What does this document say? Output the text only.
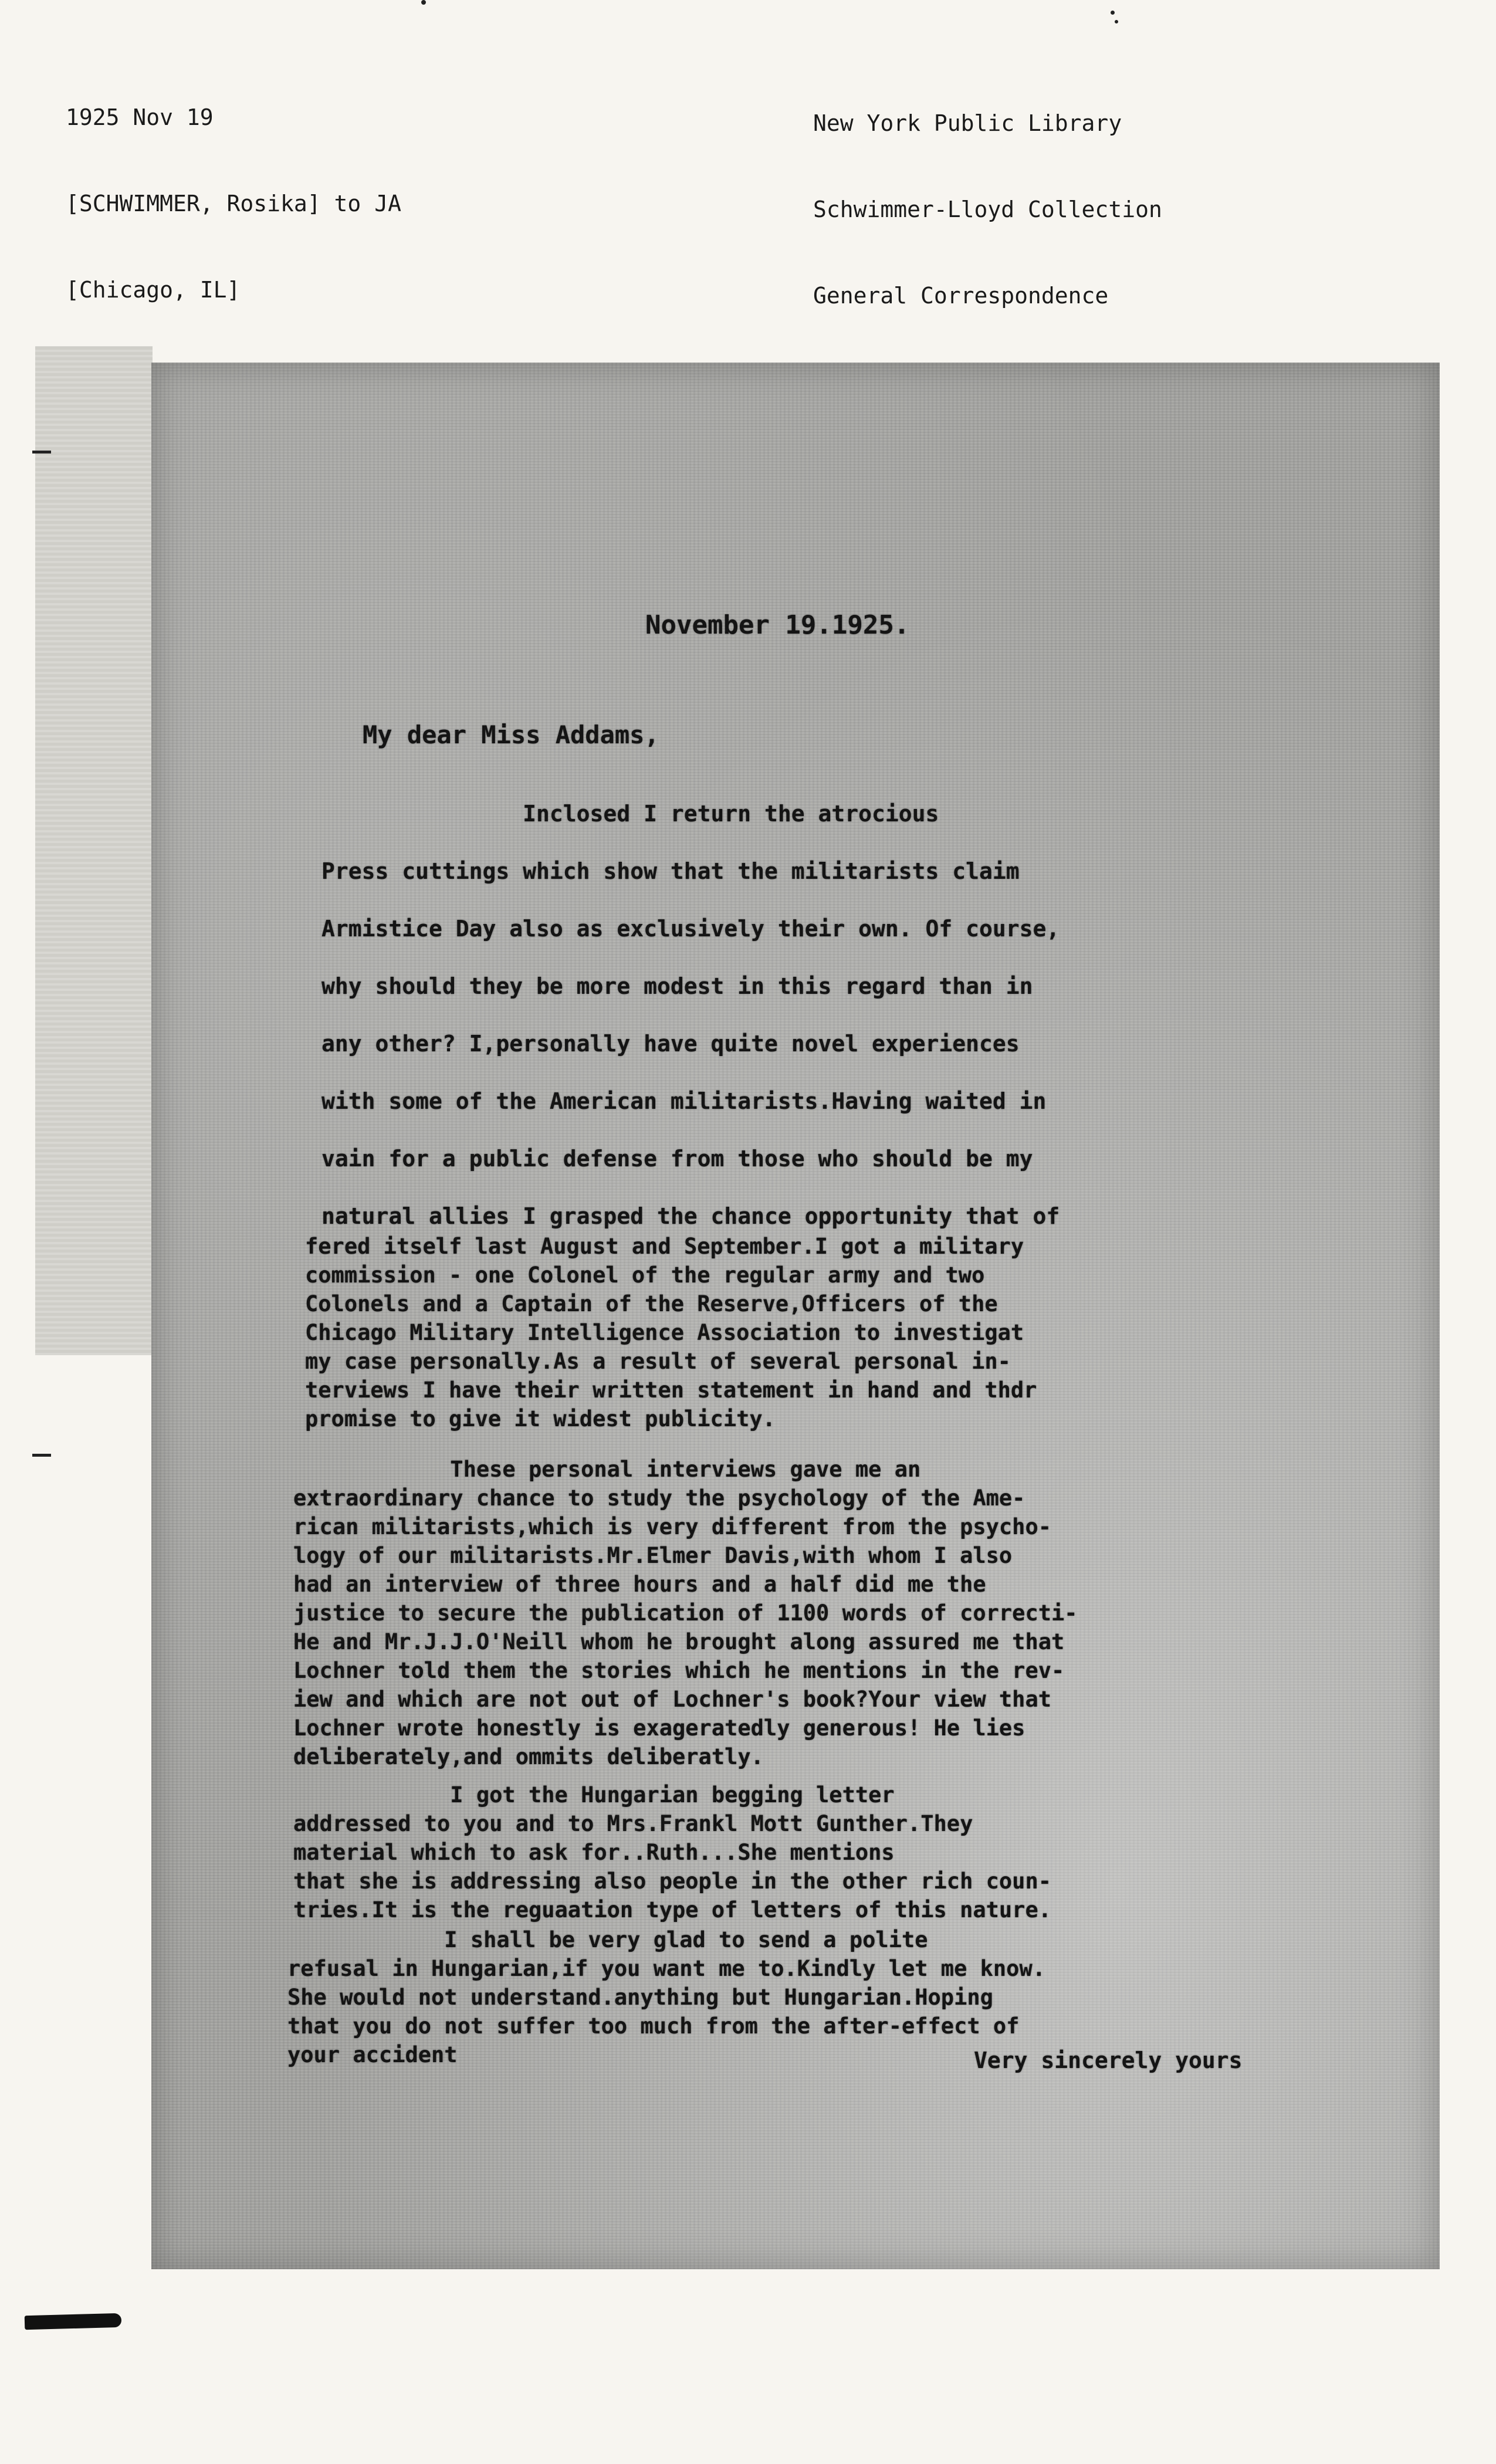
1925 Nov 19

[SCHWIMMER, Rosika] to JA

[Chicago, IL]

New York Public Library

Schwimmer-Lloyd Collection

General Correspondence

November 19.1925.
My dear Miss Addams,
Inclosed I return the atrocious
Press cuttings which show that the militarists claim
Armistice Day also as exclusively their own. Of course,
why should they be more modest in this regard than in
any other? I,personally have quite novel experiences
with some of the American militarists.Having waited in
vain for a public defense from those who should be my
natural allies I grasped the chance opportunity that of
fered itself last August and September.I got a military
commission - one Colonel of the regular army and two
Colonels and a Captain of the Reserve,Officers of the
Chicago Military Intelligence Association to investigat
my case personally.As a result of several personal in-
terviews I have their written statement in hand and thdr
promise to give it widest publicity.
These personal interviews gave me an
extraordinary chance to study the psychology of the Ame-
rican militarists,which is very different from the psycho-
logy of our militarists.Mr.Elmer Davis,with whom I also
had an interview of three hours and a half did me the
justice to secure the publication of 1100 words of correcti-
He and Mr.J.J.O'Neill whom he brought along assured me that
Lochner told them the stories which he mentions in the rev-
iew and which are not out of Lochner's book?Your view that
Lochner wrote honestly is exageratedly generous! He lies
deliberately,and ommits deliberatly.
I got the Hungarian begging letter
addressed to you and to Mrs.Frankl Mott Gunther.They
material which to ask for..Ruth...She mentions
that she is addressing also people in the other rich coun-
tries.It is the reguaation type of letters of this nature.
I shall be very glad to send a polite
refusal in Hungarian,if you want me to.Kindly let me know.
She would not understand.anything but Hungarian.Hoping
that you do not suffer too much from the after-effect of
your accident	Very sincerely yours
